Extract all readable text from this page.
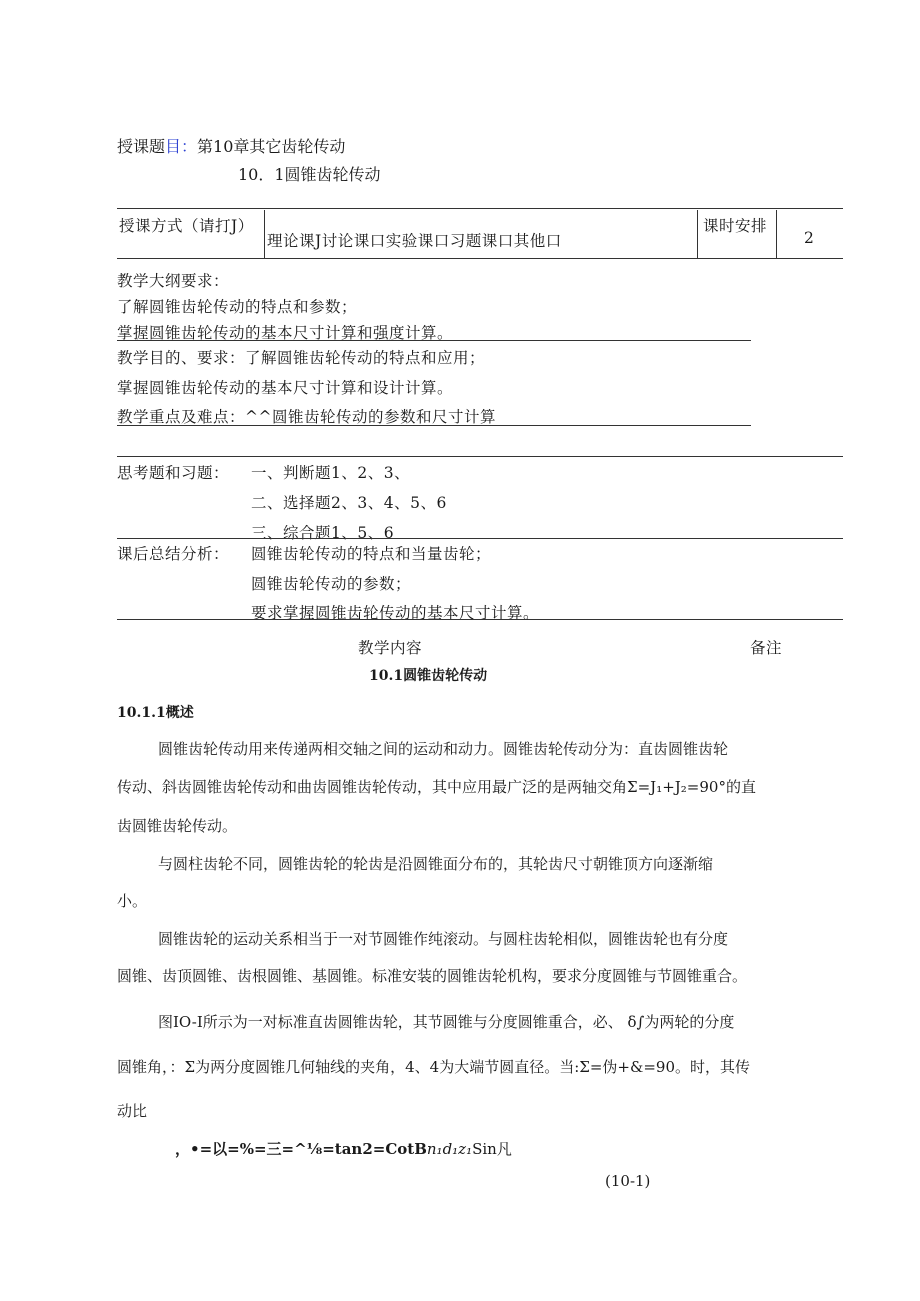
授课题目：第10章其它齿轮传动
10．1圆锥齿轮传动
授课方式（请打J）
理论课J讨论课口实验课口习题课口其他口
课时安排
2
教学大纲要求：
了解圆锥齿轮传动的特点和参数；
掌握圆锥齿轮传动的基本尺寸计算和强度计算。
教学目的、要求：了解圆锥齿轮传动的特点和应用；
掌握圆锥齿轮传动的基本尺寸计算和设计计算。
教学重点及难点：^^圆锥齿轮传动的参数和尺寸计算
思考题和习题： 一、判断题1、2、3、
二、选择题2、3、4、5、6
三、综合题1、5、6
课后总结分析： 圆锥齿轮传动的特点和当量齿轮；
圆锥齿轮传动的参数；
要求掌握圆锥齿轮传动的基本尺寸计算。
教学内容	备注
10.1圆锥齿轮传动
10.1.1概述
圆锥齿轮传动用来传递两相交轴之间的运动和动力。圆锥齿轮传动分为：直齿圆锥齿轮
传动、斜齿圆锥齿轮传动和曲齿圆锥齿轮传动，其中应用最广泛的是两轴交角Σ=J₁+J₂=90°的直
齿圆锥齿轮传动。
与圆柱齿轮不同，圆锥齿轮的轮齿是沿圆锥面分布的，其轮齿尺寸朝锥顶方向逐渐缩
小。
圆锥齿轮的运动关系相当于一对节圆锥作纯滚动。与圆柱齿轮相似，圆锥齿轮也有分度
圆锥、齿顶圆锥、齿根圆锥、基圆锥。标准安装的圆锥齿轮机构，要求分度圆锥与节圆锥重合。
图IO-I所示为一对标准直齿圆锥齿轮，其节圆锥与分度圆锥重合，必、 δ∫为两轮的分度
圆锥角，：Σ为两分度圆锥几何轴线的夹角，4、4为大端节圆直径。当:Σ=伪+&=90。时，其传
动比
，•=以=%=三=^⅛=tan2=CotBn₁d₁z₁Sin凡
(10-1)
